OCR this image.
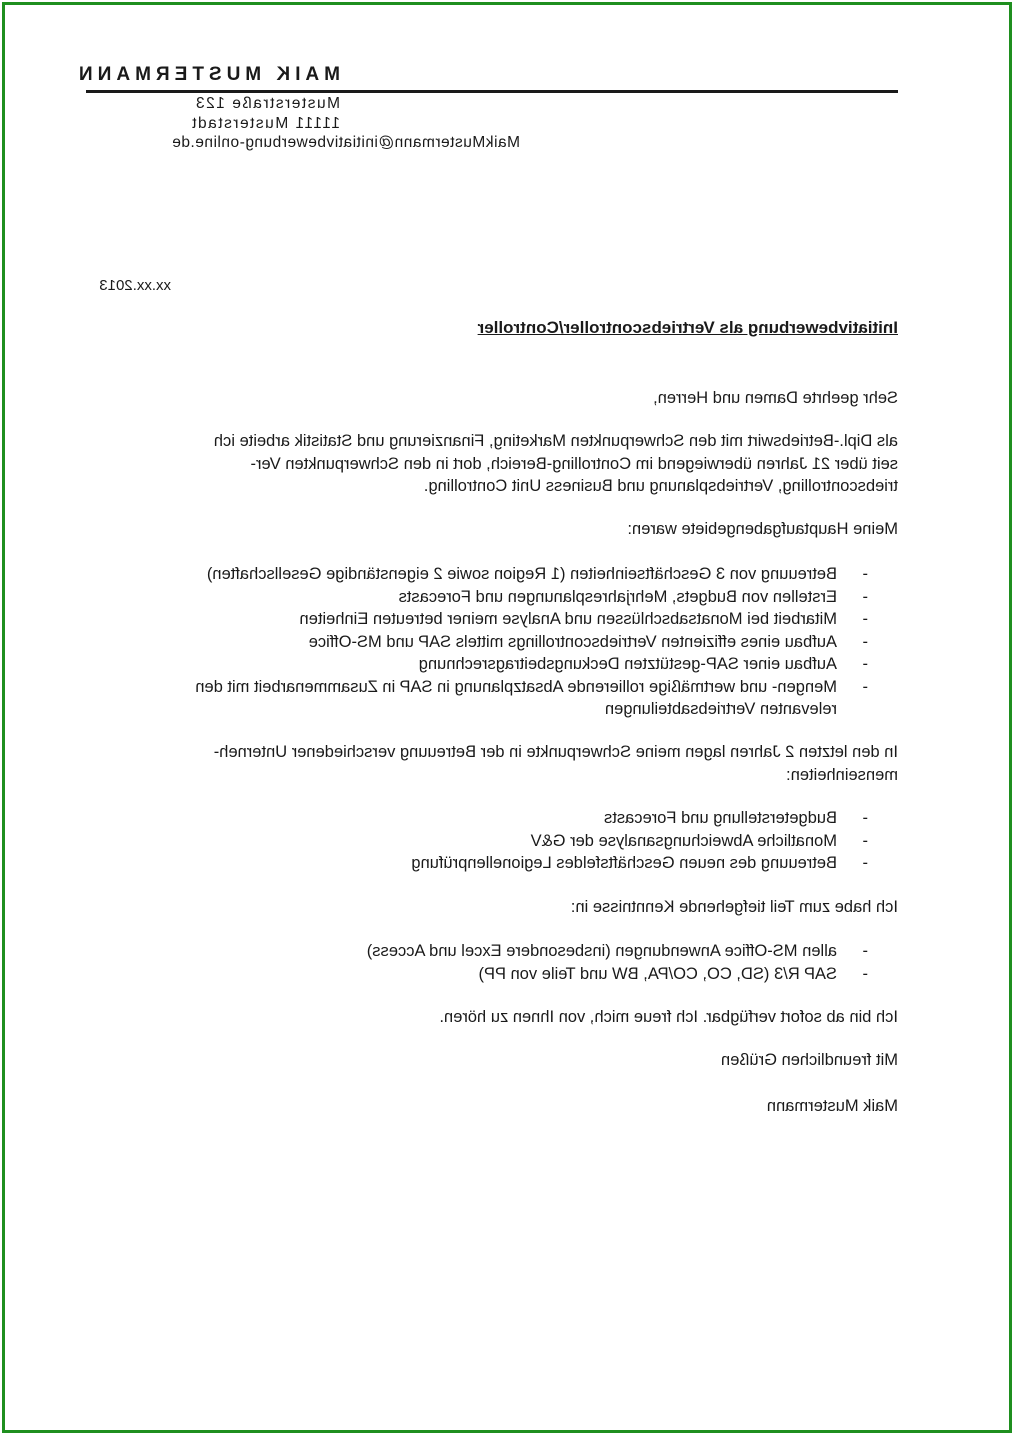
MAIK MUSTERMANN
Musterstraße 123
11111 Musterstadt
MaikMustermann@initiativbewerbung-online.de
xx.xx.2013
Initiativbewerbung als Vertriebscontroller/Controller
Sehr geehrte Damen und Herren,
als Dipl.-Betriebswirt mit den Schwerpunkten Marketing, Finanzierung und Statistik arbeite ich
seit über 21 Jahren überwiegend im Controlling-Bereich, dort in den Schwerpunkten Ver-
triebscontrolling, Vertriebsplanung und Business Unit Controlling.
Meine Hauptaufgabengebiete waren:
-
Betreuung von 3 Geschäftseinheiten (1 Region sowie 2 eigenständige Gesellschaften)
-
Erstellen von Budgets, Mehrjahresplanungen und Forecasts
-
Mitarbeit bei Monatsabschlüssen und Analyse meiner betreuten Einheiten
-
Aufbau eines effizienten Vertriebscontrollings mittels SAP und MS-Office
-
Aufbau einer SAP-gestützten Deckungsbeitragsrechnung
-
Mengen- und wertmäßige rollierende Absatzplanung in SAP in Zusammenarbeit mit den
relevanten Vertriebsabteilungen
In den letzten 2 Jahren lagen meine Schwerpunkte in der Betreuung verschiedener Unterneh-
menseinheiten:
-
Budgeterstellung und Forecasts
-
Monatliche Abweichungsanalyse der G&V
-
Betreuung des neuen Geschäftsfeldes Legionellenprüfung
Ich habe zum Teil tiefgehende Kenntnisse in:
-
allen MS-Office Anwendungen (insbesondere Excel und Access)
-
SAP R/3 (SD, CO, CO/PA, BW und Teile von PP)
Ich bin ab sofort verfügbar. Ich freue mich, von Ihnen zu hören.
Mit freundlichen Grüßen
Maik Mustermann
